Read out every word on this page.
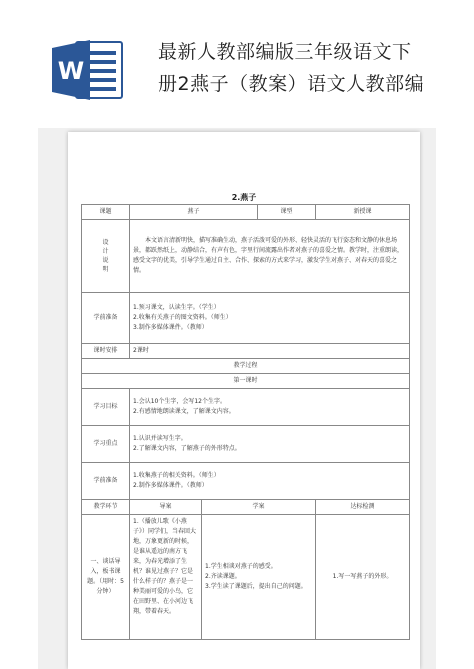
W
最新人教部编版三年级语文下
册2燕子（教案）语文人教部编
2.燕子
课题	燕子		课型	新授课

设
计
说
明	本文语言清新明快，描写准确生动，燕子活泼可爱的外形、轻快灵活的飞行姿态和文静的休息场景，都跃然纸上，动静结合，有声有色，字里行间流露出作者对燕子的喜爱之情。教学时，注重朗读，感受文字的优美，引导学生通过自主、合作、探索的方式来学习，激发学生对燕子、对春天的喜爱之情。			
学前准备	1.预习课文，认读生字。（学生）
2.收集有关燕子的图文资料。（师生）
3.制作多媒体课件。（教师）			

课时安排	2课时			
教学过程				
第一课时				
学习目标	1.会认10个生字，会写12个生字。
2.有感情地朗读课文，了解课文内容。			

学习重点	1.认识并读写生字。
2.了解课文内容，了解燕子的外形特点。			

学前准备	1.收集燕子的相关资料。（师生）
2.制作多媒体课件。（教师）			

教学环节	导案	学案		达标检测
一、谈话导入，板书课题。（用时：5分钟）	1.（播放儿歌《小燕子》）同学们，当春回大地，万象更新的时候，是谁从遥远的南方飞来，为春光增添了生机？谁见过燕子？它是什么样子的？燕子是一种美丽可爱的小鸟，它在田野里、在小河边飞翔，带着春天。	1.学生相谈对燕子的感受。
2.齐读课题。
3.学生读了课题后，提出自己的问题。		1.写一写燕子的外形。
